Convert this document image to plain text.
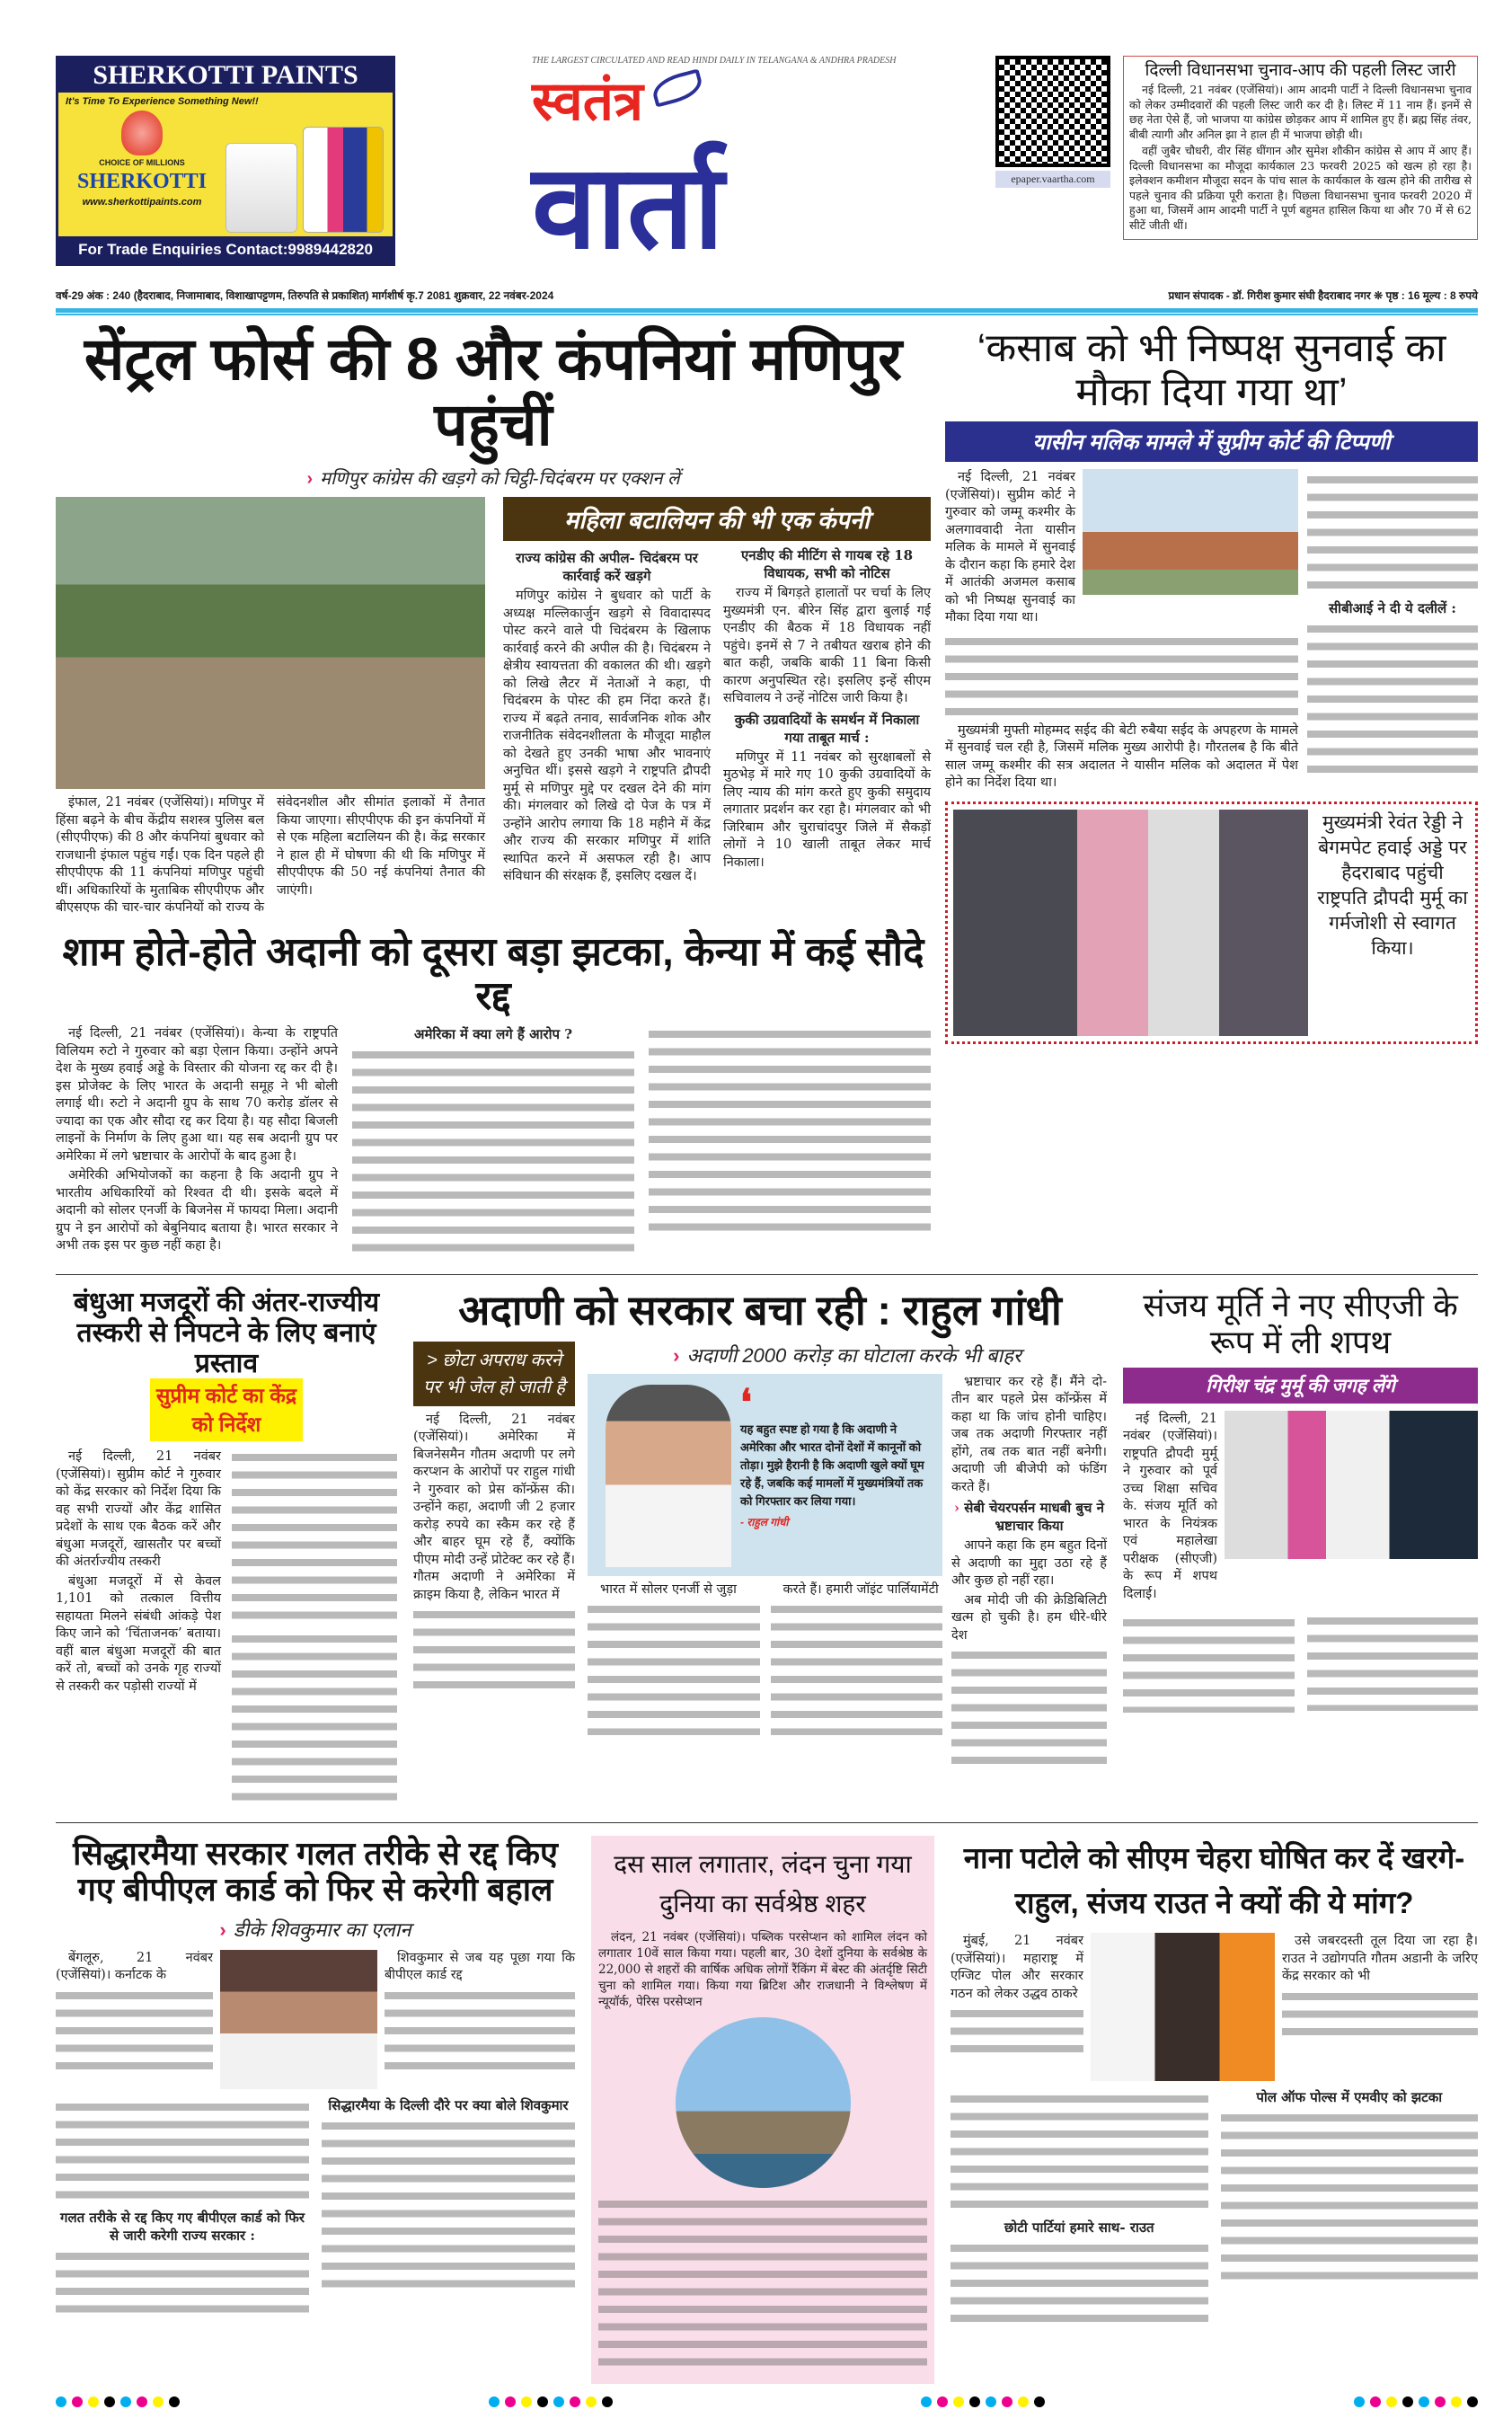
SHERKOTTI PAINTS
It's Time To Experience Something New!!
CHOICE OF MILLIONS
SHERKOTTI
www.sherkottipaints.com
For Trade Enquiries Contact:9989442820
THE LARGEST CIRCULATED AND READ HINDI DAILY IN TELANGANA & ANDHRA PRADESH
स्वतंत्र
वार्ता	epaper.vaartha.com
दिल्ली विधानसभा चुनाव-आप की पहली लिस्ट जारी

नई दिल्ली, 21 नवंबर (एजेंसियां)। आम आदमी पार्टी ने दिल्ली विधानसभा चुनाव को लेकर उम्मीदवारों की पहली लिस्ट जारी कर दी है। लिस्ट में 11 नाम हैं। इनमें से छह नेता ऐसे हैं, जो भाजपा या कांग्रेस छोड़कर आप में शामिल हुए हैं। ब्रह्म सिंह तंवर, बीबी त्यागी और अनिल झा ने हाल ही में भाजपा छोड़ी थी।

वहीं जुबैर चौधरी, वीर सिंह धींगान और सुमेश शौकीन कांग्रेस से आप में आए हैं। दिल्ली विधानसभा का मौजूदा कार्यकाल 23 फरवरी 2025 को खत्म हो रहा है। इलेक्शन कमीशन मौजूदा सदन के पांच साल के कार्यकाल के खत्म होने की तारीख से पहले चुनाव की प्रक्रिया पूरी कराता है। पिछला विधानसभा चुनाव फरवरी 2020 में हुआ था, जिसमें आम आदमी पार्टी ने पूर्ण बहुमत हासिल किया था और 70 में से 62 सीटें जीती थीं।

वर्ष-29 अंक : 240 (हैदराबाद, निजामाबाद, विशाखापट्टणम, तिरुपति से प्रकाशित) मार्गशीर्ष कृ.7 2081 शुक्रवार, 22 नवंबर-2024	प्रधान संपादक - डॉ. गिरीश कुमार संघी हैदराबाद नगर ❊ पृष्ठ : 16 मूल्य : 8 रुपये
सेंट्रल फोर्स की 8 और कंपनियां मणिपुर पहुंचीं
› मणिपुर कांग्रेस की खड़गे को चिट्ठी-चिदंबरम पर एक्शन लें

इंफाल, 21 नवंबर (एजेंसियां)। मणिपुर में हिंसा बढ़ने के बीच केंद्रीय सशस्त्र पुलिस बल (सीएपीएफ) की 8 और कंपनियां बुधवार को राजधानी इंफाल पहुंच गईं। एक दिन पहले ही सीएपीएफ की 11 कंपनियां मणिपुर पहुंची थीं। अधिकारियों के मुताबिक सीएपीएफ और बीएसएफ की चार-चार कंपनियों को राज्य के संवेदनशील और सीमांत इलाकों में तैनात किया जाएगा। सीएपीएफ की इन कंपनियों में से एक महिला बटालियन की है। केंद्र सरकार ने हाल ही में घोषणा की थी कि मणिपुर में सीएपीएफ की 50 नई कंपनियां तैनात की जाएंगी।

महिला बटालियन की भी एक कंपनी
राज्य कांग्रेस की अपील- चिदंबरम पर कार्रवाई करें खड़गे

मणिपुर कांग्रेस ने बुधवार को पार्टी के अध्यक्ष मल्लिकार्जुन खड़गे से विवादास्पद पोस्ट करने वाले पी चिदंबरम के खिलाफ कार्रवाई करने की अपील की है। चिदंबरम ने क्षेत्रीय स्वायत्तता की वकालत की थी। खड़गे को लिखे लैटर में नेताओं ने कहा, पी चिदंबरम के पोस्ट की हम निंदा करते हैं। राज्य में बढ़ते तनाव, सार्वजनिक शोक और राजनीतिक संवेदनशीलता के मौजूदा माहौल को देखते हुए उनकी भाषा और भावनाएं अनुचित थीं। इससे खड़गे ने राष्ट्रपति द्रौपदी मुर्मू से मणिपुर मुद्दे पर दखल देने की मांग की। मंगलवार को लिखे दो पेज के पत्र में उन्होंने आरोप लगाया कि 18 महीने में केंद्र और राज्य की सरकार मणिपुर में शांति स्थापित करने में असफल रही है। आप संविधान की संरक्षक हैं, इसलिए दखल दें।

एनडीए की मीटिंग से गायब रहे 18 विधायक, सभी को नोटिस

राज्य में बिगड़ते हालातों पर चर्चा के लिए मुख्यमंत्री एन. बीरेन सिंह द्वारा बुलाई गई एनडीए की बैठक में 18 विधायक नहीं पहुंचे। इनमें से 7 ने तबीयत खराब होने की बात कही, जबकि बाकी 11 बिना किसी कारण अनुपस्थित रहे। इसलिए इन्हें सीएम सचिवालय ने उन्हें नोटिस जारी किया है।

कुकी उग्रवादियों के समर्थन में निकाला गया ताबूत मार्च :

मणिपुर में 11 नवंबर को सुरक्षाबलों से मुठभेड़ में मारे गए 10 कुकी उग्रवादियों के लिए न्याय की मांग करते हुए कुकी समुदाय लगातार प्रदर्शन कर रहा है। मंगलवार को भी जिरिबाम और चुराचांदपुर जिले में सैकड़ों लोगों ने 10 खाली ताबूत लेकर मार्च निकाला।

शाम होते-होते अदानी को दूसरा बड़ा झटका, केन्या में कई सौदे रद्द

नई दिल्ली, 21 नवंबर (एजेंसियां)। केन्या के राष्ट्रपति विलियम रुटो ने गुरुवार को बड़ा ऐलान किया। उन्होंने अपने देश के मुख्य हवाई अड्डे के विस्तार की योजना रद्द कर दी है। इस प्रोजेक्ट के लिए भारत के अदानी समूह ने भी बोली लगाई थी। रुटो ने अदानी ग्रुप के साथ 70 करोड़ डॉलर से ज्यादा का एक और सौदा रद्द कर दिया है। यह सौदा बिजली लाइनों के निर्माण के लिए हुआ था। यह सब अदानी ग्रुप पर अमेरिका में लगे भ्रष्टाचार के आरोपों के बाद हुआ है।

अमेरिकी अभियोजकों का कहना है कि अदानी ग्रुप ने भारतीय अधिकारियों को रिश्वत दी थी। इसके बदले में अदानी को सोलर एनर्जी के बिजनेस में फायदा मिला। अदानी ग्रुप ने इन आरोपों को बेबुनियाद बताया है। भारत सरकार ने अभी तक इस पर कुछ नहीं कहा है।

अमेरिका में क्या लगे हैं आरोप ?
‘कसाब को भी निष्पक्ष सुनवाई का मौका दिया गया था’
यासीन मलिक मामले में सुप्रीम कोर्ट की टिप्पणी

नई दिल्ली, 21 नवंबर (एजेंसियां)। सुप्रीम कोर्ट ने गुरुवार को जम्मू कश्मीर के अलगाववादी नेता यासीन मलिक के मामले में सुनवाई के दौरान कहा कि हमारे देश में आतंकी अजमल कसाब को भी निष्पक्ष सुनवाई का मौका दिया गया था।

मुख्यमंत्री मुफ्ती मोहम्मद सईद की बेटी रुबैया सईद के अपहरण के मामले में सुनवाई चल रही है, जिसमें मलिक मुख्य आरोपी है। गौरतलब है कि बीते साल जम्मू कश्मीर की सत्र अदालत ने यासीन मलिक को अदालत में पेश होने का निर्देश दिया था।

सीबीआई ने दी ये दलीलें :
मुख्यमंत्री रेवंत रेड्डी ने बेगमपेट हवाई अड्डे पर हैदराबाद पहुंची राष्ट्रपति द्रौपदी मुर्मू का गर्मजोशी से स्वागत किया।
बंधुआ मजदूरों की अंतर-राज्यीय तस्करी से निपटने के लिए बनाएं प्रस्ताव
सुप्रीम कोर्ट का केंद्र को निर्देश

नई दिल्ली, 21 नवंबर (एजेंसियां)। सुप्रीम कोर्ट ने गुरुवार को केंद्र सरकार को निर्देश दिया कि वह सभी राज्यों और केंद्र शासित प्रदेशों के साथ एक बैठक करें और बंधुआ मजदूरों, खासतौर पर बच्चों की अंतर्राज्यीय तस्करी

बंधुआ मजदूरों में से केवल 1,101 को तत्काल वित्तीय सहायता मिलने संबंधी आंकड़े पेश किए जाने को ‘चिंताजनक’ बताया। वहीं बाल बंधुआ मजदूरों की बात करें तो, बच्चों को उनके गृह राज्यों से तस्करी कर पड़ोसी राज्यों में

अदाणी को सरकार बचा रही : राहुल गांधी
> छोटा अपराध करने पर भी जेल हो जाती है

नई दिल्ली, 21 नवंबर (एजेंसियां)। अमेरिका में बिजनेसमैन गौतम अदाणी पर लगे करप्शन के आरोपों पर राहुल गांधी ने गुरुवार को प्रेस कॉन्फ्रेंस की। उन्होंने कहा, अदाणी जी 2 हजार करोड़ रुपये का स्कैम कर रहे हैं और बाहर घूम रहे हैं, क्योंकि पीएम मोदी उन्हें प्रोटेक्ट कर रहे हैं। गौतम अदाणी ने अमेरिका में क्राइम किया है, लेकिन भारत में

› अदाणी 2000 करोड़ का घोटाला करके भी बाहर
❛
यह बहुत स्पष्ट हो गया है कि अदाणी ने अमेरिका और भारत दोनों देशों में कानूनों को तोड़ा। मुझे हैरानी है कि अदाणी खुले क्यों घूम रहे हैं, जबकि कई मामलों में मुख्यमंत्रियों तक को गिरफ्तार कर लिया गया।
- राहुल गांधी

भारत में सोलर एनर्जी से जुड़ा	करते हैं। हमारी जॉइंट पार्लियामेंटी

भ्रष्टाचार कर रहे हैं। मैंने दो-तीन बार पहले प्रेस कॉन्फ्रेंस में कहा था कि जांच होनी चाहिए। जब तक अदाणी गिरफ्तार नहीं होंगे, तब तक बात नहीं बनेगी। अदाणी जी बीजेपी को फंडिंग करते हैं।

› सेबी चेयरपर्सन माधबी बुच ने भ्रष्टाचार किया

आपने कहा कि हम बहुत दिनों से अदाणी का मुद्दा उठा रहे हैं और कुछ हो नहीं रहा।

अब मोदी जी की क्रेडिबिलिटी खत्म हो चुकी है। हम धीरे-धीरे देश

संजय मूर्ति ने नए सीएजी के रूप में ली शपथ
गिरीश चंद्र मुर्मू की जगह लेंगे

नई दिल्ली, 21 नवंबर (एजेंसियां)। राष्ट्रपति द्रौपदी मुर्मू ने गुरुवार को पूर्व उच्च शिक्षा सचिव के. संजय मूर्ति को भारत के नियंत्रक एवं महालेखा परीक्षक (सीएजी) के रूप में शपथ दिलाई।

सिद्धारमैया सरकार गलत तरीके से रद्द किए गए बीपीएल कार्ड को फिर से करेगी बहाल
› डीके शिवकुमार का एलान

बेंगलूरु, 21 नवंबर (एजेंसियां)। कर्नाटक के

शिवकुमार से जब यह पूछा गया कि बीपीएल कार्ड रद्द

गलत तरीके से रद्द किए गए बीपीएल कार्ड को फिर से जारी करेगी राज्य सरकार :
सिद्धारमैया के दिल्ली दौरे पर क्या बोले शिवकुमार
दस साल लगातार, लंदन चुना गया दुनिया का सर्वश्रेष्ठ शहर

लंदन, 21 नवंबर (एजेंसियां)। पब्लिक परसेप्शन को शामिल लंदन को लगातार 10वें साल किया गया। पहली बार, 30 देशों दुनिया के सर्वश्रेष्ठ के 22,000 से शहरों की वार्षिक अधिक लोगों रैंकिंग में बेस्ट की अंतर्दृष्टि सिटी चुना को शामिल गया। किया गया ब्रिटिश और राजधानी ने विश्लेषण में न्यूयॉर्क, पेरिस परसेप्शन

नाना पटोले को सीएम चेहरा घोषित कर दें खरगे-राहुल, संजय राउत ने क्यों की ये मांग?

मुंबई, 21 नवंबर (एजेंसियां)। महाराष्ट्र में एग्जिट पोल और सरकार गठन को लेकर उद्धव ठाकरे

उसे जबरदस्ती तूल दिया जा रहा है। राउत ने उद्योगपति गौतम अडानी के जरिए केंद्र सरकार को भी

छोटी पार्टियां हमारे साथ- राउत
पोल ऑफ पोल्स में एमवीए को झटका
